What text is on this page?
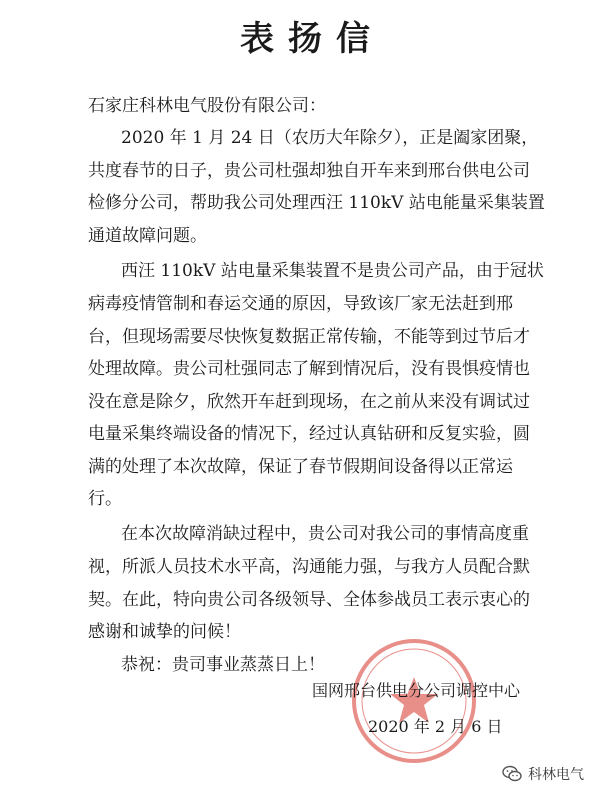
表扬信
石家庄科林电气股份有限公司：
2020 年 1 月 24 日（农历大年除夕），正是阖家团聚，
共度春节的日子，贵公司杜强却独自开车来到邢台供电公司
检修分公司，帮助我公司处理西汪 110kV 站电能量采集装置
通道故障问题。
西汪 110kV 站电量采集装置不是贵公司产品，由于冠状
病毒疫情管制和春运交通的原因，导致该厂家无法赶到邢
台，但现场需要尽快恢复数据正常传输，不能等到过节后才
处理故障。贵公司杜强同志了解到情况后，没有畏惧疫情也
没在意是除夕，欣然开车赶到现场，在之前从来没有调试过
电量采集终端设备的情况下，经过认真钻研和反复实验，圆
满的处理了本次故障，保证了春节假期间设备得以正常运
行。
在本次故障消缺过程中，贵公司对我公司的事情高度重
视，所派人员技术水平高，沟通能力强，与我方人员配合默
契。在此，特向贵公司各级领导、全体参战员工表示衷心的
感谢和诚挚的问候！
恭祝：贵司事业蒸蒸日上！
国网邢台供电分公司调控中心
2020 年 2 月 6 日
科林电气
